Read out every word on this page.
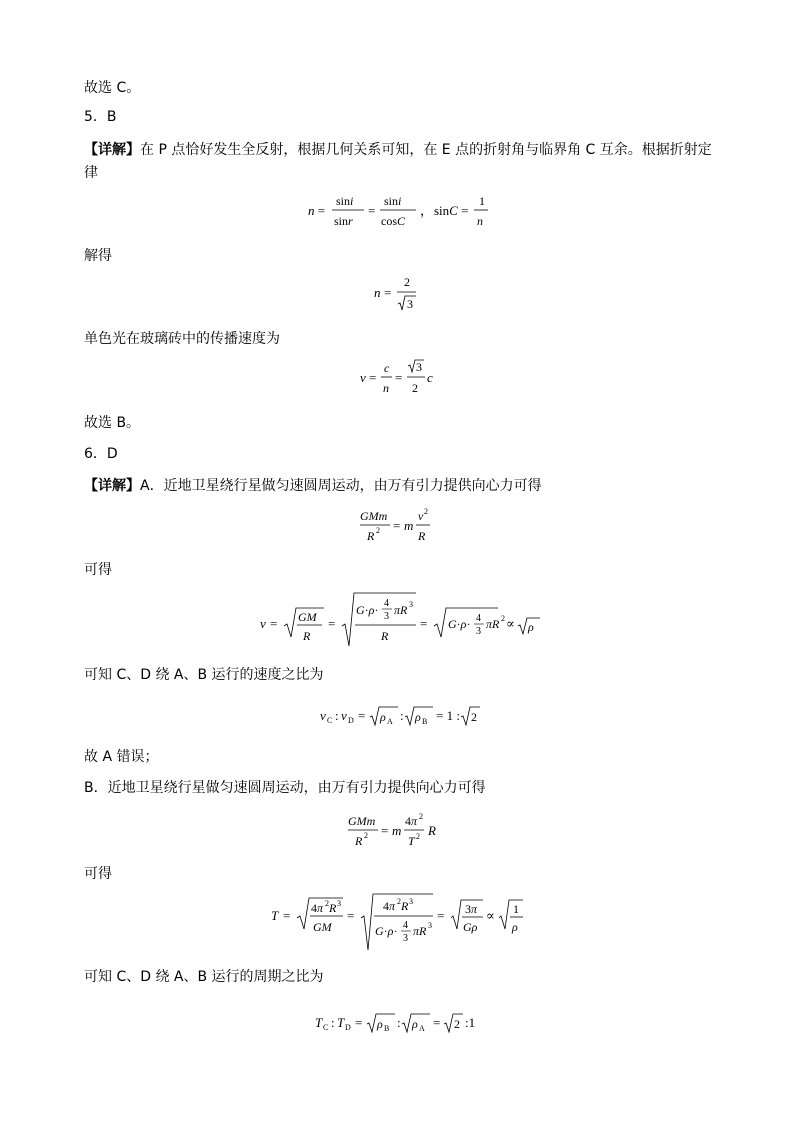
故选 C。
5．B
【详解】在 P 点恰好发生全反射，根据几何关系可知，在 E 点的折射角与临界角 C 互余。根据折射定
律
n =
sini
sinr
=
sini
cosC
， sinC =
1
n
解得
n =
2
3
单色光在玻璃砖中的传播速度为
v =
c
n
=
3
2
c
故选 B。
6．D
【详解】A．近地卫星绕行星做匀速圆周运动，由万有引力提供向心力可得
GMm
R 2 = m
v 2
R
可得
v = GM
R
=
G·ρ· 4
3 πR 3
R
= G·ρ· 4
3
πR 2 ∝ ρ
可知 C、D 绕 A、B 运行的速度之比为
v C : v D = ρ A : ρ B = 1 : 2
故 A 错误；
B．近地卫星绕行星做匀速圆周运动，由万有引力提供向心力可得
GMm
R 2 = m
4π 2
T 2 R
可得
T = 4π 2 R 3
GM
=
4π 2 R 3
G·ρ· 4
3
πR 3
= 3π
Gρ
∝ 1
ρ
可知 C、D 绕 A、B 运行的周期之比为
T C : T D = ρ B : ρ A = 2 :1
